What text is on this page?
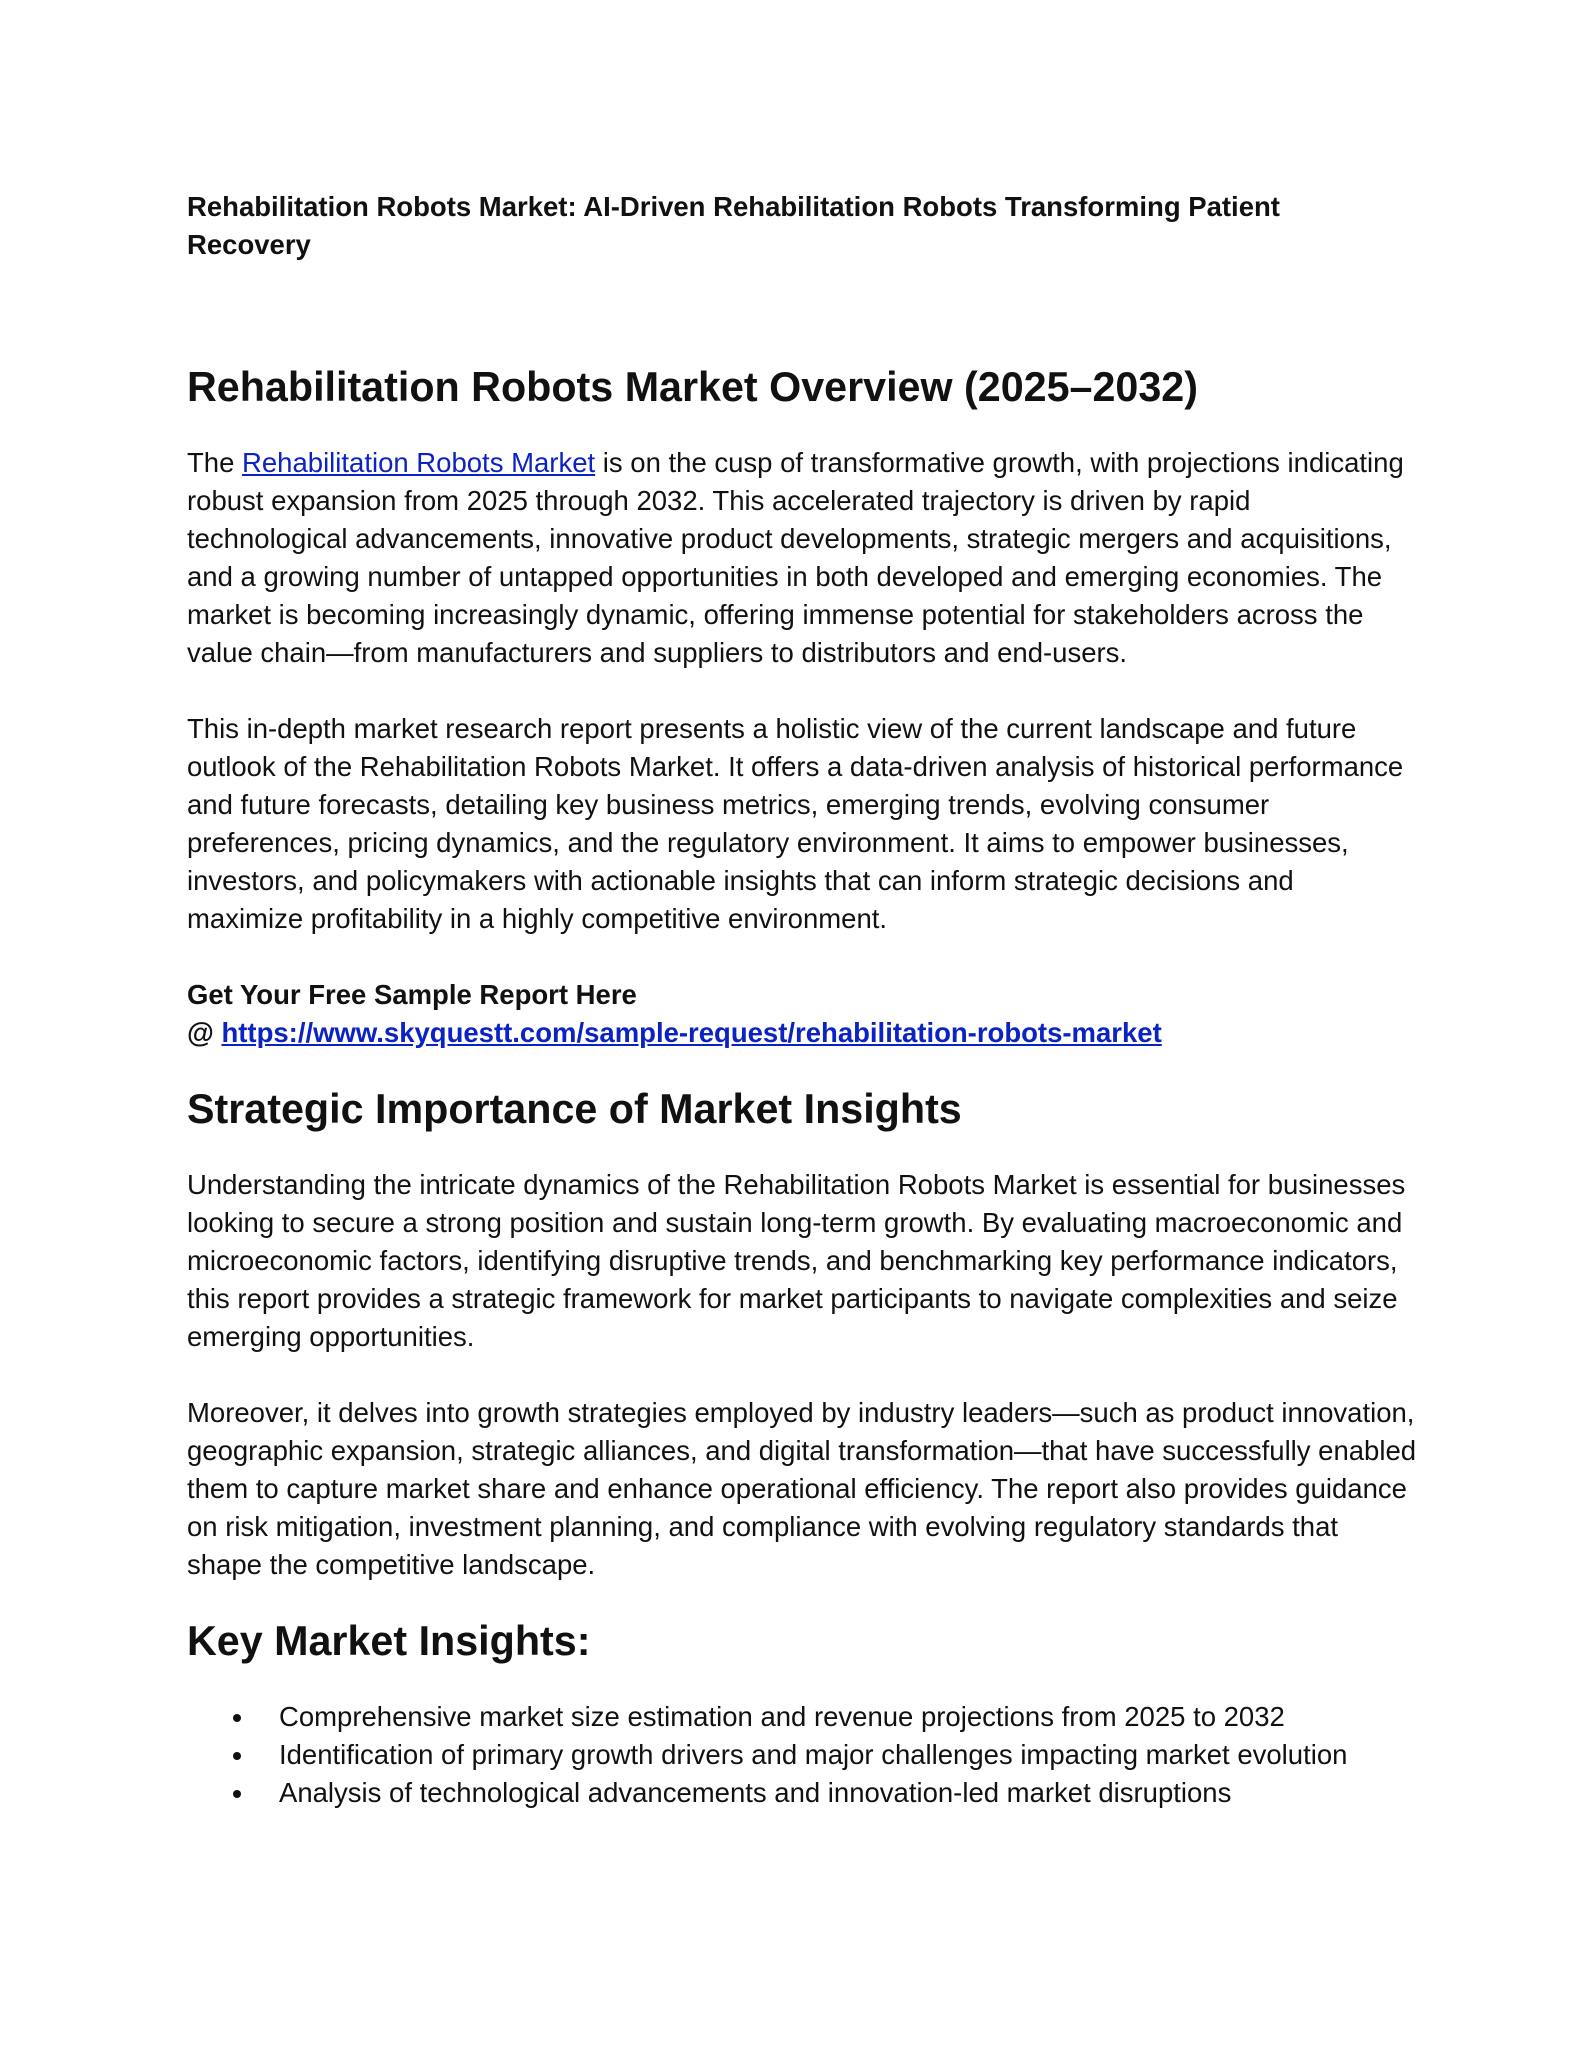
Rehabilitation Robots Market: AI-Driven Rehabilitation Robots Transforming Patient Recovery
Rehabilitation Robots Market Overview (2025–2032)

The Rehabilitation Robots Market is on the cusp of transformative growth, with projections indicating robust expansion from 2025 through 2032. This accelerated trajectory is driven by rapid technological advancements, innovative product developments, strategic mergers and acquisitions, and a growing number of untapped opportunities in both developed and emerging economies. The market is becoming increasingly dynamic, offering immense potential for stakeholders across the value chain—from manufacturers and suppliers to distributors and end-users.

This in-depth market research report presents a holistic view of the current landscape and future outlook of the Rehabilitation Robots Market. It offers a data-driven analysis of historical performance and future forecasts, detailing key business metrics, emerging trends, evolving consumer preferences, pricing dynamics, and the regulatory environment. It aims to empower businesses, investors, and policymakers with actionable insights that can inform strategic decisions and maximize profitability in a highly competitive environment.

Get Your Free Sample Report Here

@ https://www.skyquestt.com/sample-request/rehabilitation-robots-market

Strategic Importance of Market Insights

Understanding the intricate dynamics of the Rehabilitation Robots Market is essential for businesses looking to secure a strong position and sustain long-term growth. By evaluating macroeconomic and microeconomic factors, identifying disruptive trends, and benchmarking key performance indicators, this report provides a strategic framework for market participants to navigate complexities and seize emerging opportunities.

Moreover, it delves into growth strategies employed by industry leaders—such as product innovation, geographic expansion, strategic alliances, and digital transformation—that have successfully enabled them to capture market share and enhance operational efficiency. The report also provides guidance on risk mitigation, investment planning, and compliance with evolving regulatory standards that shape the competitive landscape.

Key Market Insights:
Comprehensive market size estimation and revenue projections from 2025 to 2032
Identification of primary growth drivers and major challenges impacting market evolution
Analysis of technological advancements and innovation-led market disruptions
